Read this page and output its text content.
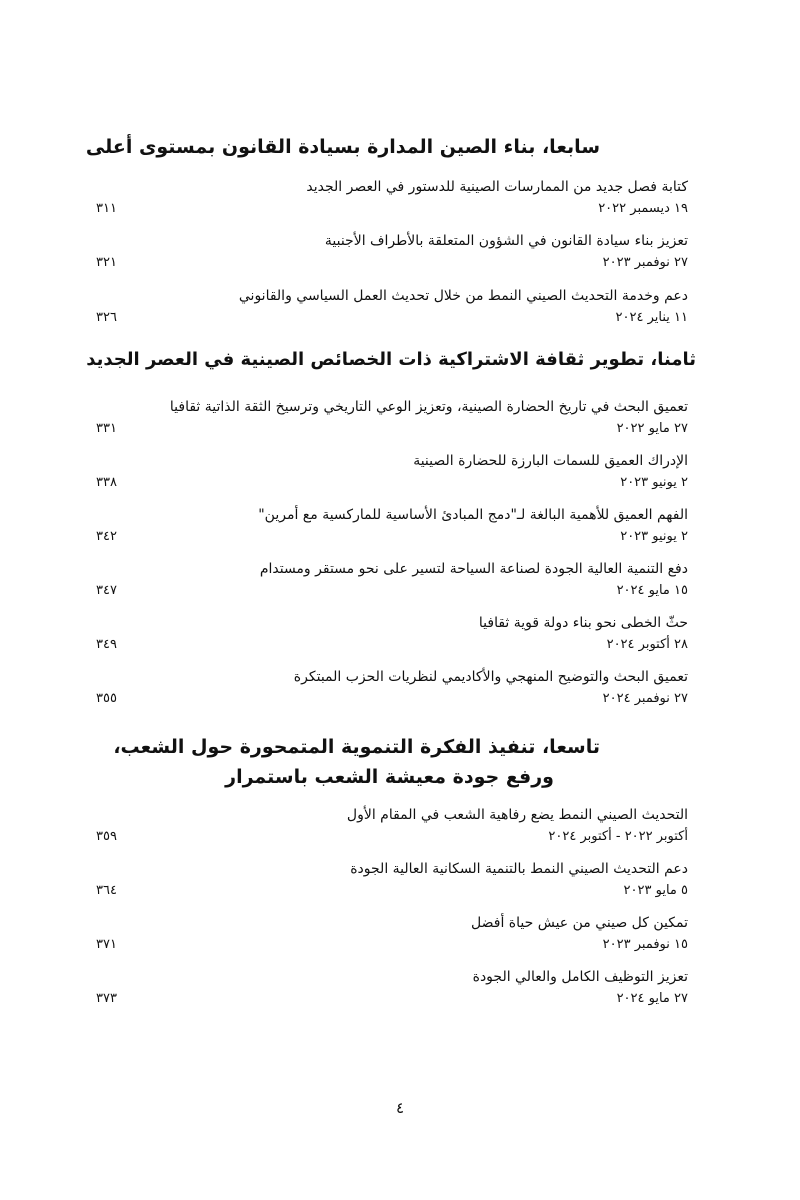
سابعا، بناء الصين المدارة بسيادة القانون بمستوى أعلى
كتابة فصل جديد من الممارسات الصينية للدستور في العصر الجديد
١٩ ديسمبر ٢٠٢٢
٣١١
تعزيز بناء سيادة القانون في الشؤون المتعلقة بالأطراف الأجنبية
٢٧ نوفمبر ٢٠٢٣
٣٢١
دعم وخدمة التحديث الصيني النمط من خلال تحديث العمل السياسي والقانوني
١١ يناير ٢٠٢٤
٣٢٦
ثامنا، تطوير ثقافة الاشتراكية ذات الخصائص الصينية في العصر الجديد
تعميق البحث في تاريخ الحضارة الصينية، وتعزيز الوعي التاريخي وترسيخ الثقة الذاتية ثقافيا
٢٧ مايو ٢٠٢٢
٣٣١
الإدراك العميق للسمات البارزة للحضارة الصينية
٢ يونيو ٢٠٢٣
٣٣٨
الفهم العميق للأهمية البالغة لـ"دمج المبادئ الأساسية للماركسية مع أمرين"
٢ يونيو ٢٠٢٣
٣٤٢
دفع التنمية العالية الجودة لصناعة السياحة لتسير على نحو مستقر ومستدام
١٥ مايو ٢٠٢٤
٣٤٧
حثّ الخطى نحو بناء دولة قوية ثقافيا
٢٨ أكتوبر ٢٠٢٤
٣٤٩
تعميق البحث والتوضيح المنهجي والأكاديمي لنظريات الحزب المبتكرة
٢٧ نوفمبر ٢٠٢٤
٣٥٥
تاسعا، تنفيذ الفكرة التنموية المتمحورة حول الشعب،
ورفع جودة معيشة الشعب باستمرار
التحديث الصيني النمط يضع رفاهية الشعب في المقام الأول
أكتوبر ٢٠٢٢ - أكتوبر ٢٠٢٤
٣٥٩
دعم التحديث الصيني النمط بالتنمية السكانية العالية الجودة
٥ مايو ٢٠٢٣
٣٦٤
تمكين كل صيني من عيش حياة أفضل
١٥ نوفمبر ٢٠٢٣
٣٧١
تعزيز التوظيف الكامل والعالي الجودة
٢٧ مايو ٢٠٢٤
٣٧٣
٤
